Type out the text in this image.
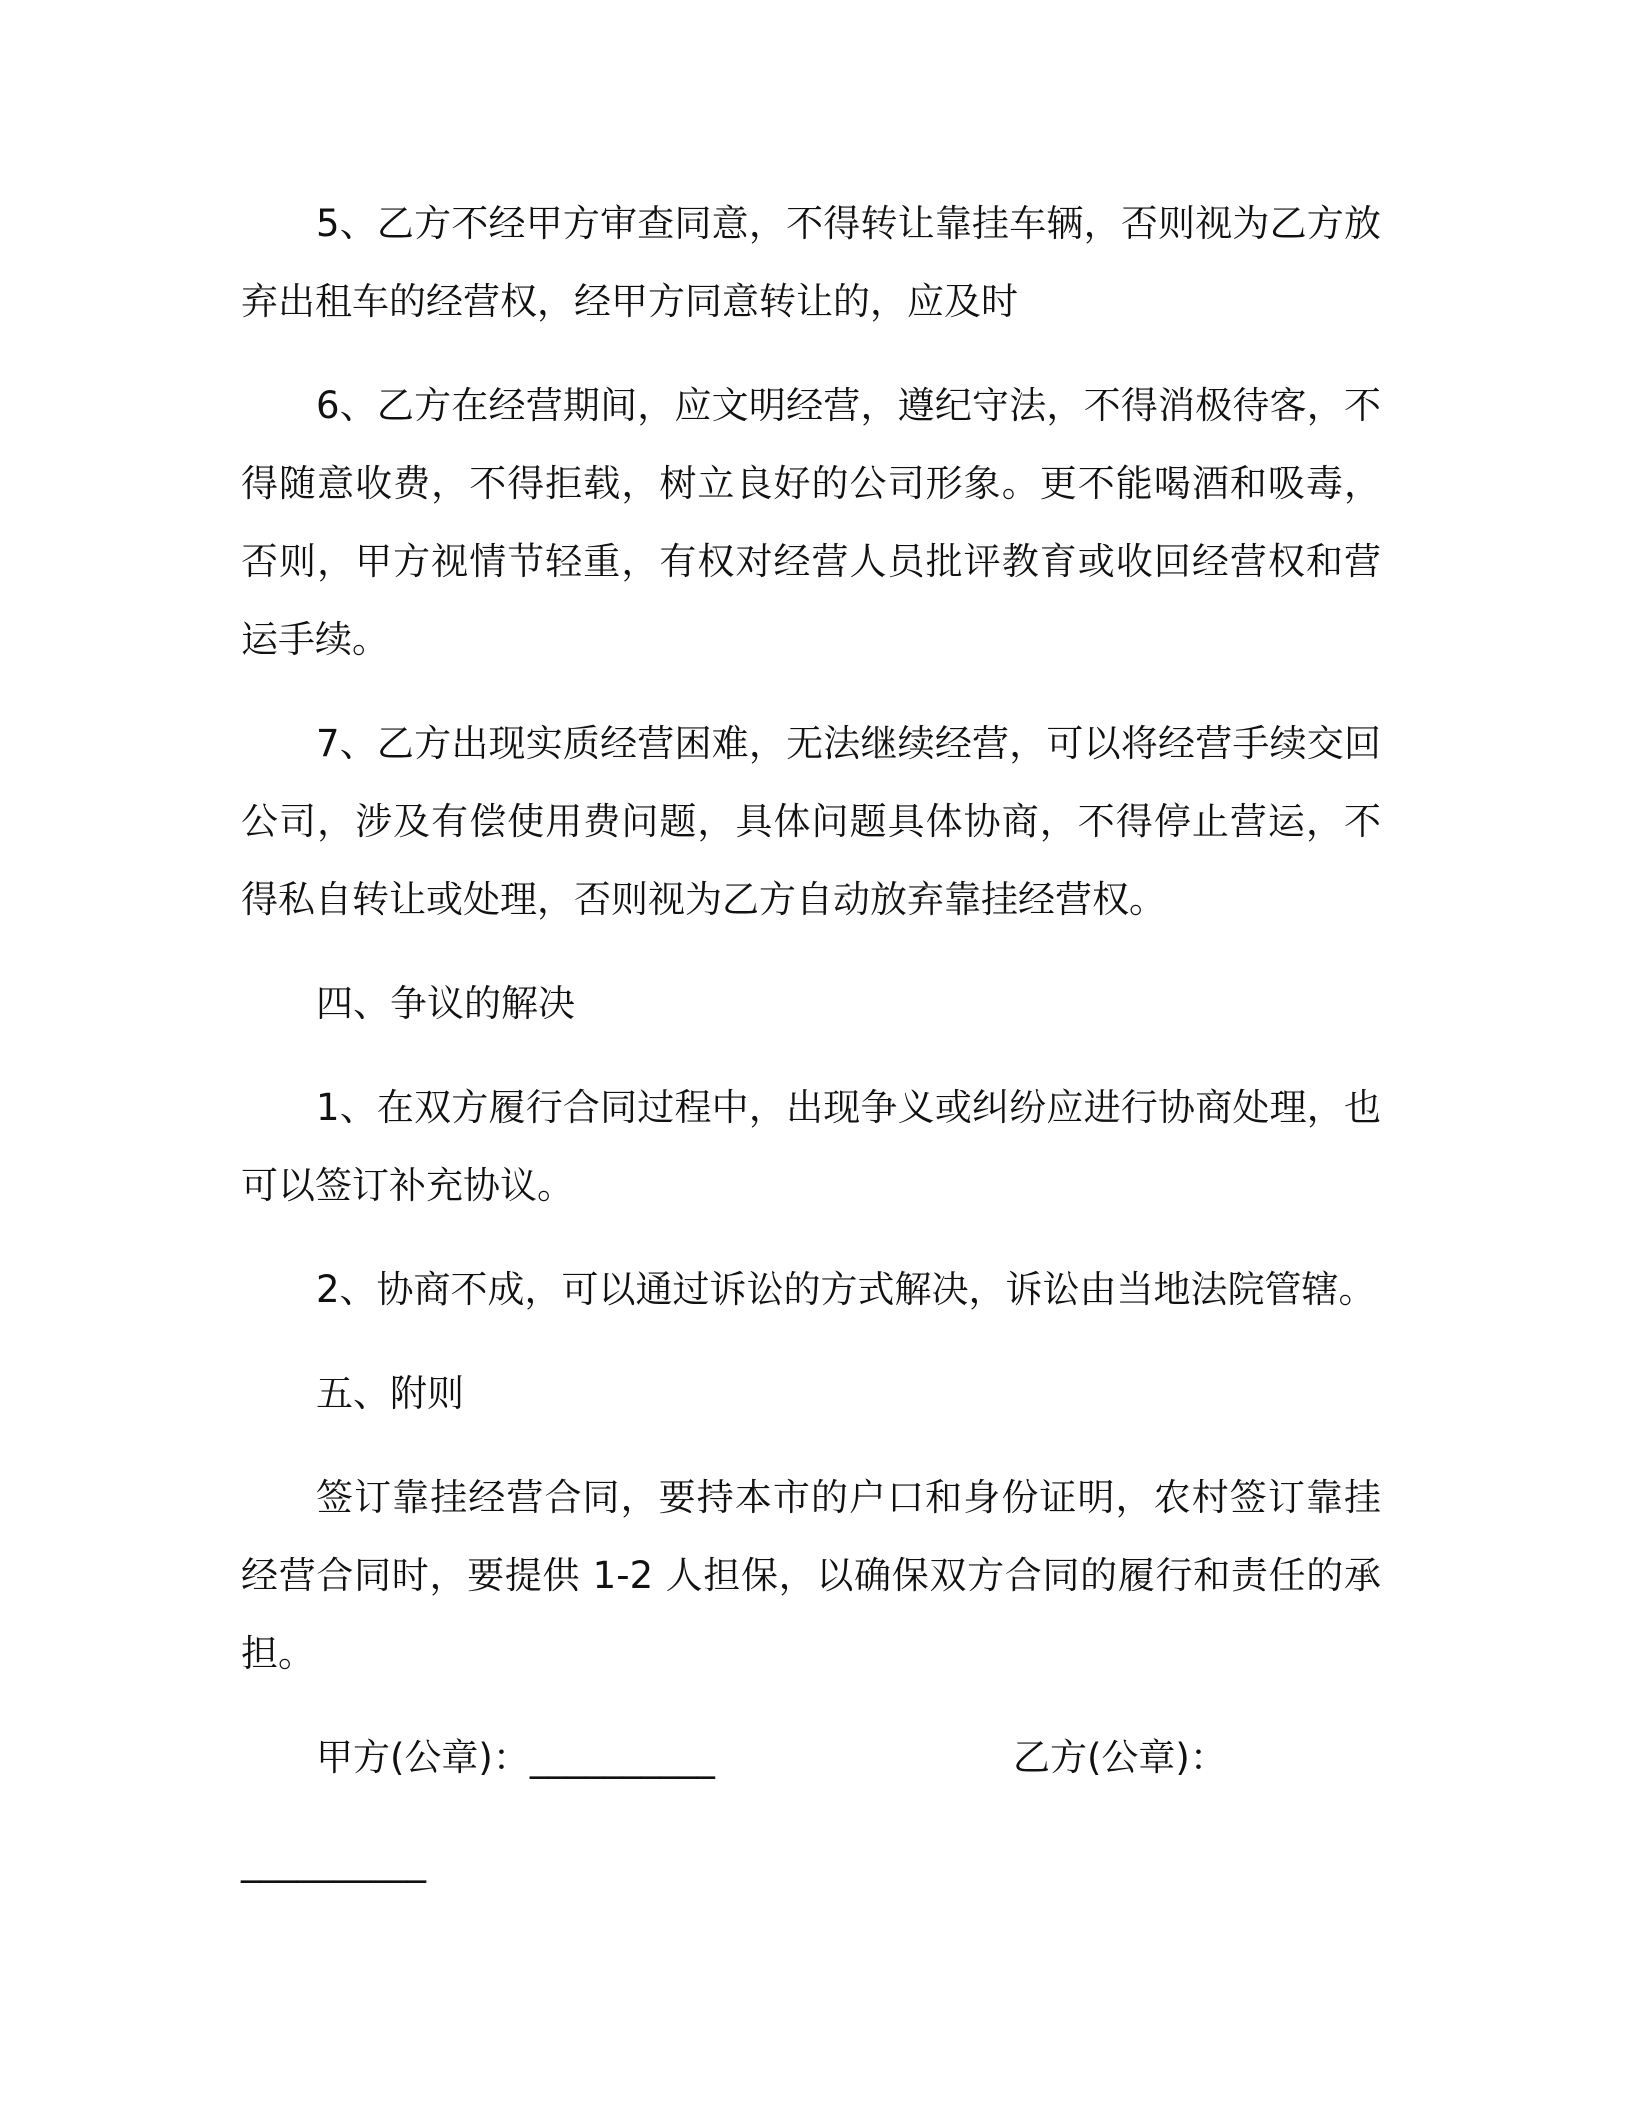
5、乙方不经甲方审查同意，不得转让靠挂车辆，否则视为乙方放弃出租车的经营权，经甲方同意转让的，应及时

6、乙方在经营期间，应文明经营，遵纪守法，不得消极待客，不得随意收费，不得拒载，树立良好的公司形象。更不能喝酒和吸毒，否则，甲方视情节轻重，有权对经营人员批评教育或收回经营权和营运手续。

7、乙方出现实质经营困难，无法继续经营，可以将经营手续交回公司，涉及有偿使用费问题，具体问题具体协商，不得停止营运，不得私自转让或处理，否则视为乙方自动放弃靠挂经营权。

四、争议的解决

1、在双方履行合同过程中，出现争义或纠纷应进行协商处理，也可以签订补充协议。

2、协商不成，可以通过诉讼的方式解决，诉讼由当地法院管辖。

五、附则

签订靠挂经营合同，要持本市的户口和身份证明，农村签订靠挂经营合同时，要提供 1-2 人担保，以确保双方合同的履行和责任的承担。

甲方(公章)：__________	乙方(公章)：
__________
